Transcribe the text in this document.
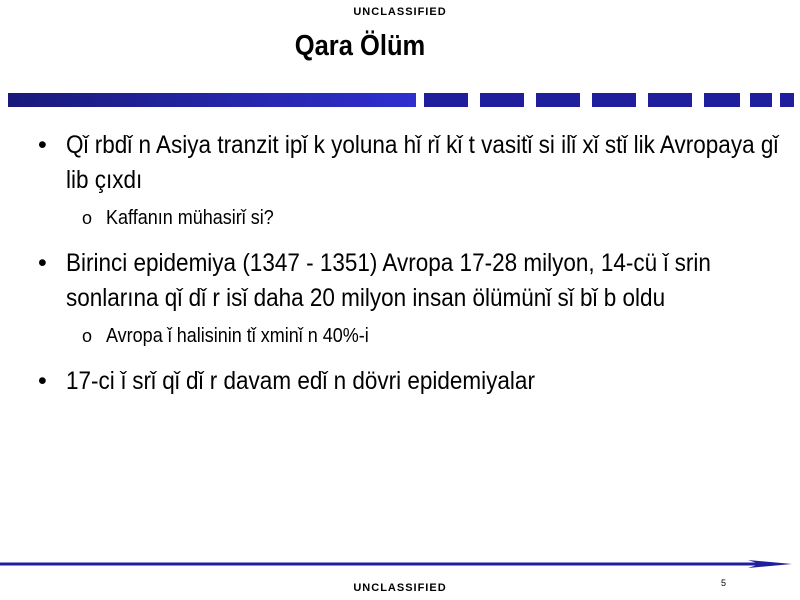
UNCLASSIFIED
Qara Ölüm
• Qǐ rbdǐ n Asiya tranzit ipǐ k yoluna hǐ rǐ kǐ t vasitǐ si ilǐ xǐ stǐ lik Avropaya gǐ lib çıxdı
o Kaffanın mühasirǐ si?
• Birinci epidemiya (1347 - 1351) Avropa 17-28 milyon, 14-cü ǐ srin sonlarına qǐ dǐ r isǐ daha 20 milyon insan ölümünǐ sǐ bǐ b oldu
o Avropa ǐ halisinin tǐ xminǐ n 40%-i
• 17-ci ǐ srǐ qǐ dǐ r davam edǐ n dövri epidemiyalar
5
UNCLASSIFIED
